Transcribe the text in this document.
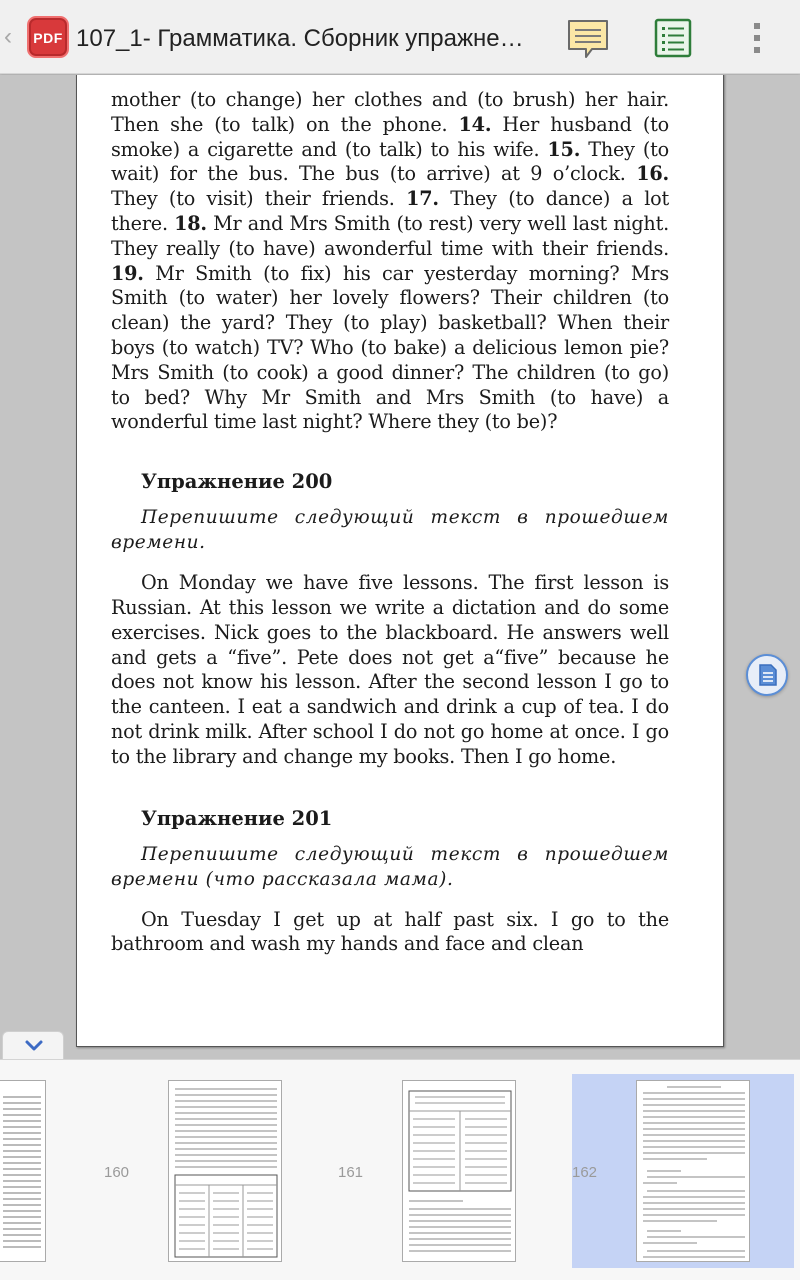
‹	PDF 107_1- Грамматика. Сборник упражне…

mother (to change) her clothes and (to brush) her hair. Then she (to talk) on the phone. 14. Her husband (to smoke) a cigarette and (to talk) to his wife. 15. They (to wait) for the bus. The bus (to arrive) at 9 o’clock. 16. They (to visit) their friends. 17. They (to dance) a lot there. 18. Mr and Mrs Smith (to rest) very well last night. They really (to have) awonderful time with their friends. 19. Mr Smith (to fix) his car yesterday morning? Mrs Smith (to water) her lovely flowers? Their children (to clean) the yard? They (to play) basketball? When their boys (to watch) TV? Who (to bake) a delicious lemon pie? Mrs Smith (to cook) a good dinner? The children (to go) to bed? Why Mr Smith and Mrs Smith (to have) a wonderful time last night? Where they (to be)?

Упражнение 200

Перепишите следующий текст в прошедшем времени.

On Monday we have five lessons. The first lesson is Russian. At this lesson we write a dictation and do some exercises. Nick goes to the blackboard. He answers well and gets a “five”. Pete does not get a“five” because he does not know his lesson. After the second lesson I go to the canteen. I eat a sandwich and drink a cup of tea. I do not drink milk. After school I do not go home at once. I go to the library and change my books. Then I go home.

Упражнение 201

Перепишите следующий текст в прошедшем времени (что рассказала мама).

On Tuesday I get up at half past six. I go to the bathroom and wash my hands and face and clean

160	161	162
